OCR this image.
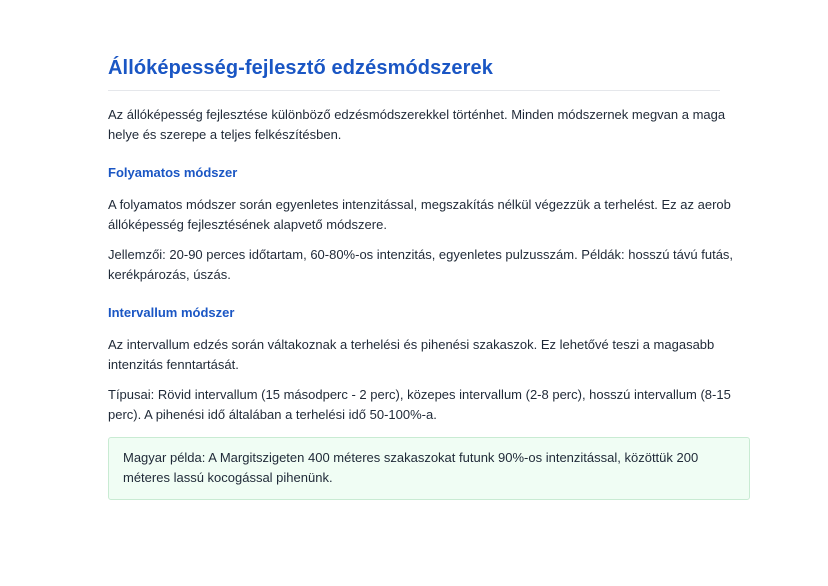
Állóképesség-fejlesztő edzésmódszerek

Az állóképesség fejlesztése különböző edzésmódszerekkel történhet. Minden módszernek megvan a maga helye és szerepe a teljes felkészítésben.

Folyamatos módszer

A folyamatos módszer során egyenletes intenzitással, megszakítás nélkül végezzük a terhelést. Ez az aerob állóképesség fejlesztésének alapvető módszere.

Jellemzői: 20-90 perces időtartam, 60-80%-os intenzitás, egyenletes pulzusszám. Példák: hosszú távú futás, kerékpározás, úszás.

Intervallum módszer

Az intervallum edzés során váltakoznak a terhelési és pihenési szakaszok. Ez lehetővé teszi a magasabb intenzitás fenntartását.

Típusai: Rövid intervallum (15 másodperc - 2 perc), közepes intervallum (2-8 perc), hosszú intervallum (8-15 perc). A pihenési idő általában a terhelési idő 50-100%-a.

Magyar példa: A Margitszigeten 400 méteres szakaszokat futunk 90%-os intenzitással, közöttük 200 méteres lassú kocogással pihenünk.
